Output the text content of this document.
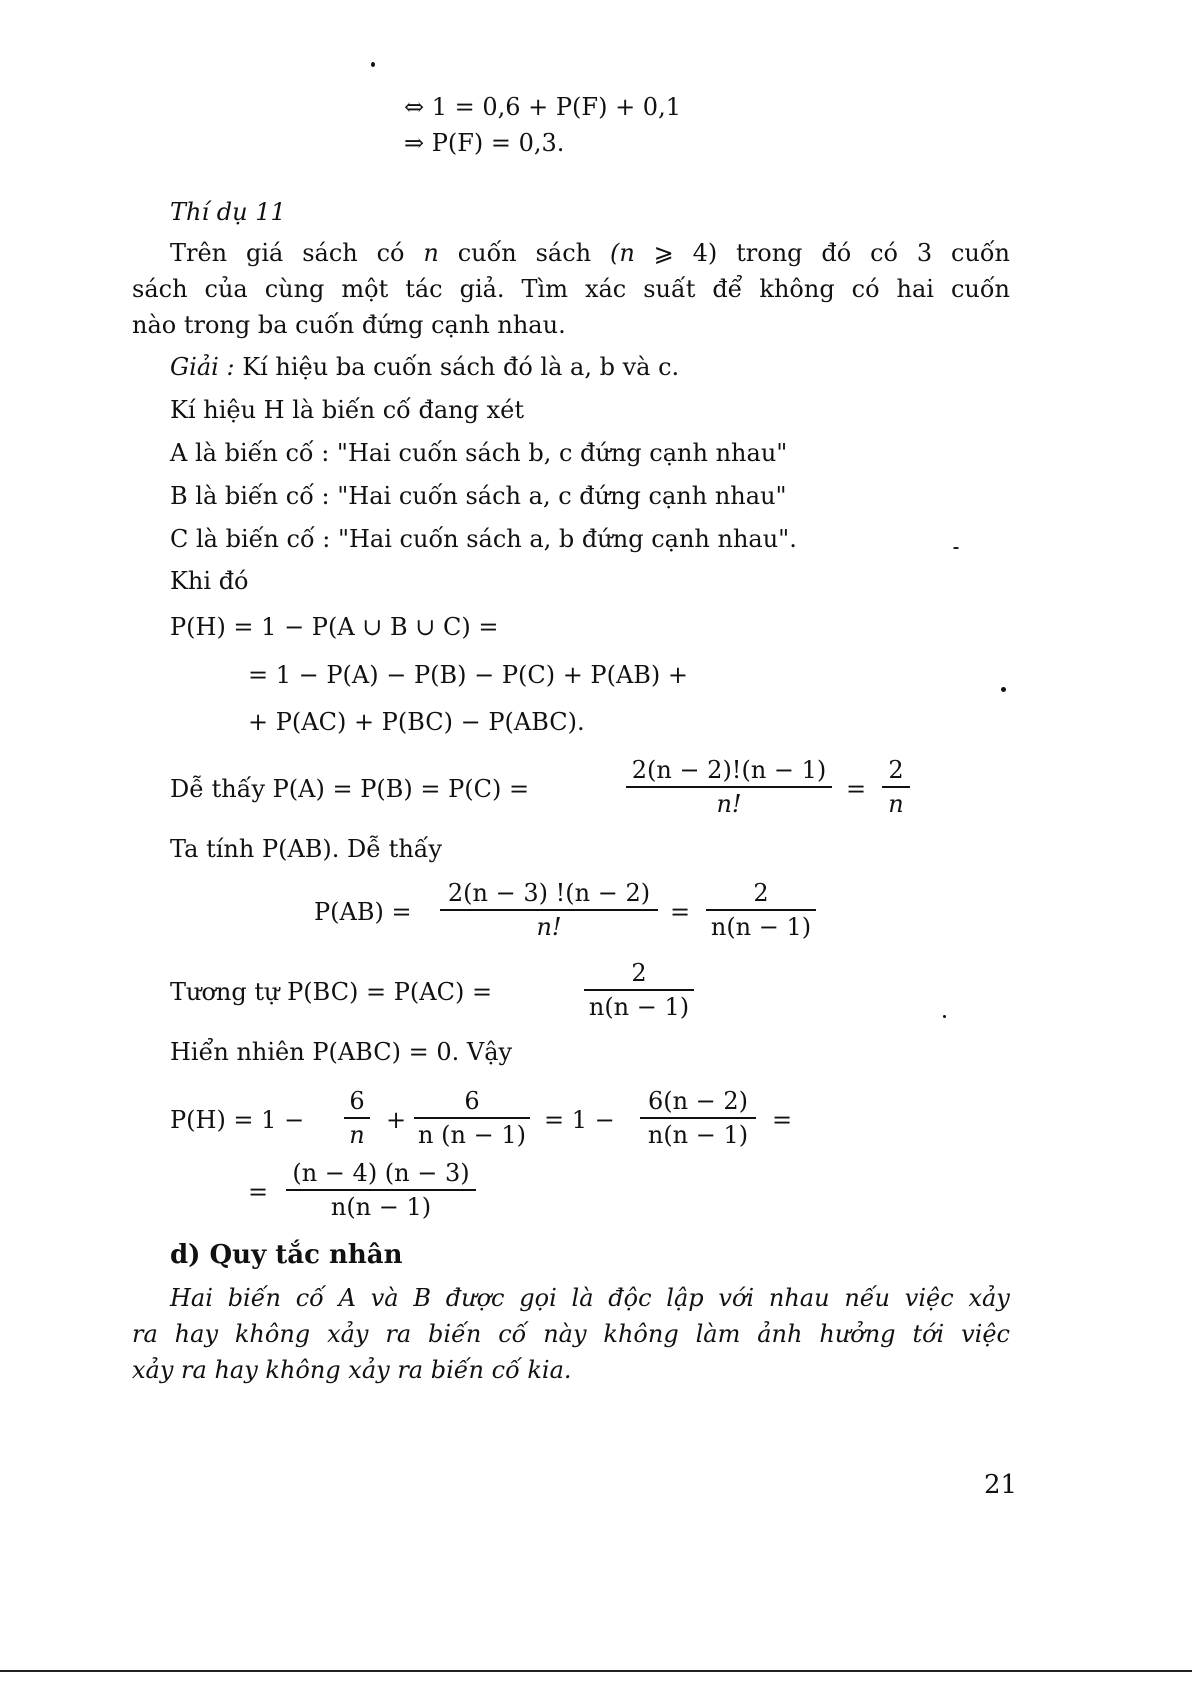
⇔ 1 = 0,6 + P(F) + 0,1
⇒ P(F) = 0,3.
Thí dụ 11
Trên giá sách có n cuốn sách (n ⩾ 4) trong đó có 3 cuốn
sách của cùng một tác giả. Tìm xác suất để không có hai cuốn
nào trong ba cuốn đứng cạnh nhau.
Giải : Kí hiệu ba cuốn sách đó là a, b và c.
Kí hiệu H là biến cố đang xét
A là biến cố : "Hai cuốn sách b, c đứng cạnh nhau"
B là biến cố : "Hai cuốn sách a, c đứng cạnh nhau"
C là biến cố : "Hai cuốn sách a, b đứng cạnh nhau".
Khi đó
P(H) = 1 − P(A ∪ B ∪ C) =
= 1 − P(A) − P(B) − P(C) + P(AB) +
+ P(AC) + P(BC) − P(ABC).
Dễ thấy P(A) = P(B) = P(C) =
2(n − 2)!(n − 1)
n!
=
2
n
Ta tính P(AB). Dễ thấy
P(AB) =
2(n − 3) !(n − 2)
n!
=
2
n(n − 1)
Tương tự P(BC) = P(AC) =
2
n(n − 1)
Hiển nhiên P(ABC) = 0. Vậy
P(H) = 1 −
6
n
+
6
n (n − 1)
= 1 −
6(n − 2)
n(n − 1)
=
=
(n − 4) (n − 3)
n(n − 1)
d) Quy tắc nhân
Hai biến cố A và B được gọi là độc lập với nhau nếu việc xảy
ra hay không xảy ra biến cố này không làm ảnh hưởng tới việc
xảy ra hay không xảy ra biến cố kia.
21
